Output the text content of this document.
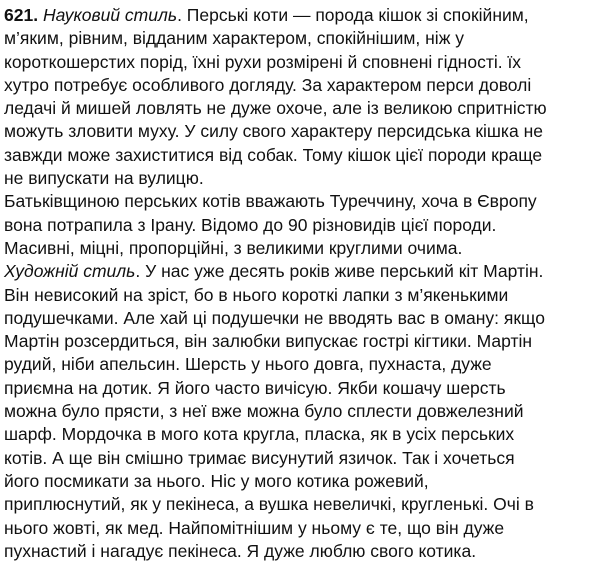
621. Науковий стиль. Перські коти — порода кішок зі спокійним,
м’яким, рівним, відданим характером, спокійнішим, ніж у
короткошерстих порід, їхні рухи розмірені й сповнені гідності. їх
хутро потребує особливого догляду. За характером перси доволі
ледачі й мишей ловлять не дуже охоче, але із великою спритністю
можуть зловити муху. У силу свого характеру персидська кішка не
завжди може захиститися від собак. Тому кішок цієї породи краще
не випускати на вулицю.
Батьківщиною перських котів вважають Туреччину, хоча в Європу
вона потрапила з Ірану. Відомо до 90 різновидів цієї породи.
Масивні, міцні, пропорційні, з великими круглими очима.
Художній стиль. У нас уже десять років живе перський кіт Мартін.
Він невисокий на зріст, бо в нього короткі лапки з м’якенькими
подушечками. Але хай ці подушечки не вводять вас в оману: якщо
Мартін розсердиться, він залюбки випускає гострі кігтики. Мартін
рудий, ніби апельсин. Шерсть у нього довга, пухнаста, дуже
приємна на дотик. Я його часто вичісую. Якби кошачу шерсть
можна було прясти, з неї вже можна було сплести довжелезний
шарф. Мордочка в мого кота кругла, пласка, як в усіх перських
котів. А ще він смішно тримає висунутий язичок. Так і хочеться
його посмикати за нього. Ніс у мого котика рожевий,
приплюснутий, як у пекінеса, а вушка невеличкі, кругленькі. Очі в
нього жовті, як мед. Найпомітнішим у ньому є те, що він дуже
пухнастий і нагадує пекінеса. Я дуже люблю свого котика.
